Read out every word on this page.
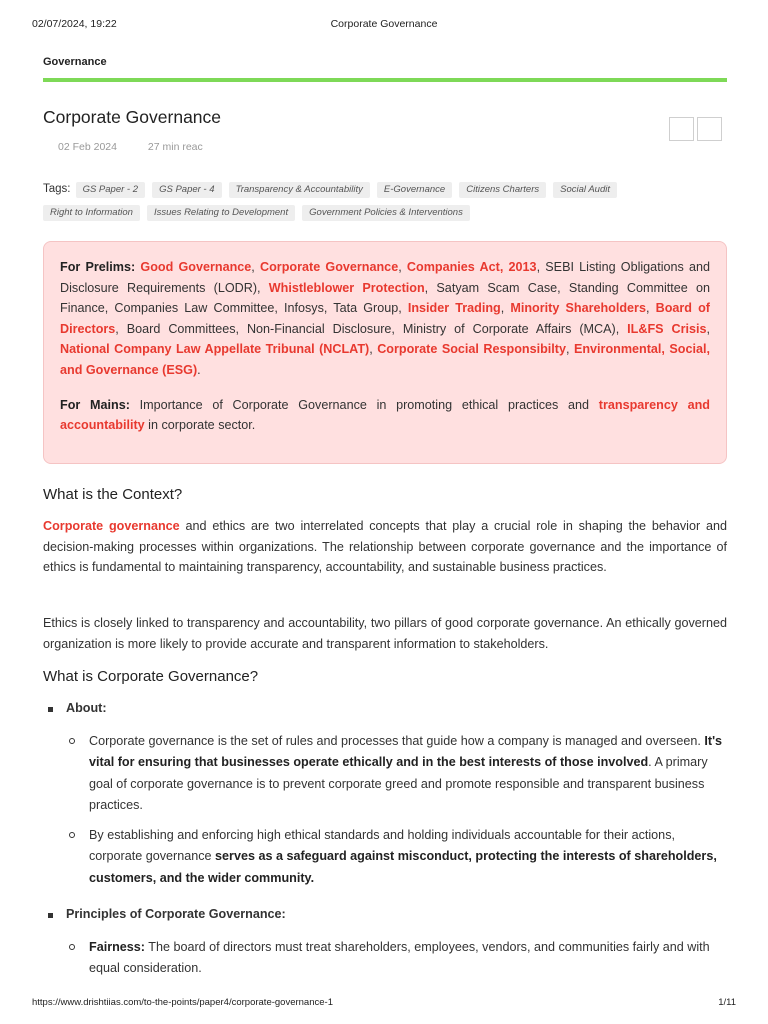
02/07/2024, 19:22	Corporate Governance
Governance
Corporate Governance
02 Feb 2024	27 min reac
Tags: GS Paper - 2 GS Paper - 4 Transparency & Accountability E-Governance Citizens Charters Social Audit
Right to Information Issues Relating to Development Government Policies & Interventions

For Prelims: Good Governance, Corporate Governance, Companies Act, 2013, SEBI Listing Obligations and Disclosure Requirements (LODR), Whistleblower Protection, Satyam Scam Case, Standing Committee on Finance, Companies Law Committee, Infosys, Tata Group, Insider Trading, Minority Shareholders, Board of Directors, Board Committees, Non-Financial Disclosure, Ministry of Corporate Affairs (MCA), IL&FS Crisis, National Company Law Appellate Tribunal (NCLAT), Corporate Social Responsibilty, Environmental, Social, and Governance (ESG).

For Mains: Importance of Corporate Governance in promoting ethical practices and transparency and accountability in corporate sector.

What is the Context?

Corporate governance and ethics are two interrelated concepts that play a crucial role in shaping the behavior and decision-making processes within organizations. The relationship between corporate governance and the importance of ethics is fundamental to maintaining transparency, accountability, and sustainable business practices.

Ethics is closely linked to transparency and accountability, two pillars of good corporate governance. An ethically governed organization is more likely to provide accurate and transparent information to stakeholders.

What is Corporate Governance?
About:

Corporate governance is the set of rules and processes that guide how a company is managed and overseen. It's vital for ensuring that businesses operate ethically and in the best interests of those involved. A primary goal of corporate governance is to prevent corporate greed and promote responsible and transparent business practices.

By establishing and enforcing high ethical standards and holding individuals accountable for their actions, corporate governance serves as a safeguard against misconduct, protecting the interests of shareholders, customers, and the wider community.

Principles of Corporate Governance:

Fairness: The board of directors must treat shareholders, employees, vendors, and communities fairly and with equal consideration.

https://www.drishtiias.com/to-the-points/paper4/corporate-governance-1	1/11
